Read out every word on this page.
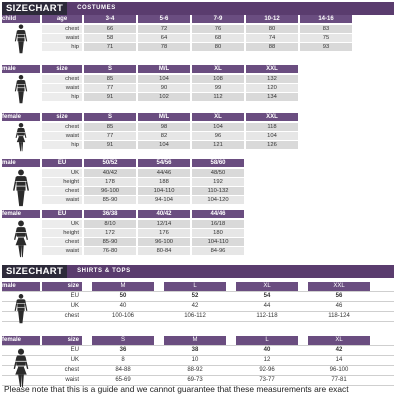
SIZECHART	COSTUMES
child	age	3-4	5-6	7-9	10-12	14-16
chest	66	72	76	80	83
waist	58	64	68	74	75
hip	71	78	80	88	93
male	size	S	M/L	XL	XXL
chest	85	104	108	132
waist	77	90	99	120
hip	91	102	112	134
female	size	S	M/L	XL	XXL
chest	85	98	104	118
waist	77	82	96	104
hip	91	104	121	126
male	EU	50/52	54/56	58/60
UK	40/42	44/46	48/50
height	178	188	192
chest	96-100	104-110	110-132
waist	85-90	94-104	104-120
female	EU	36/38	40/42	44/46
UK	8/10	12/14	16/18
height	172	176	180
chest	85-90	96-100	104-110
waist	76-80	80-84	84-96
SIZECHART	SHIRTS & TOPS
male	size	M	L	XL	XXL
EU	50	52	54	56
UK	40	42	44	46
chest	100-106	106-112	112-118	118-124
female	size	S	M	L	XL
EU	36	38	40	42
UK	8	10	12	14
chest	84-88	88-92	92-96	96-100
waist	65-69	69-73	73-77	77-81
Please note that this is a guide and we cannot guarantee that these measurements are exact
